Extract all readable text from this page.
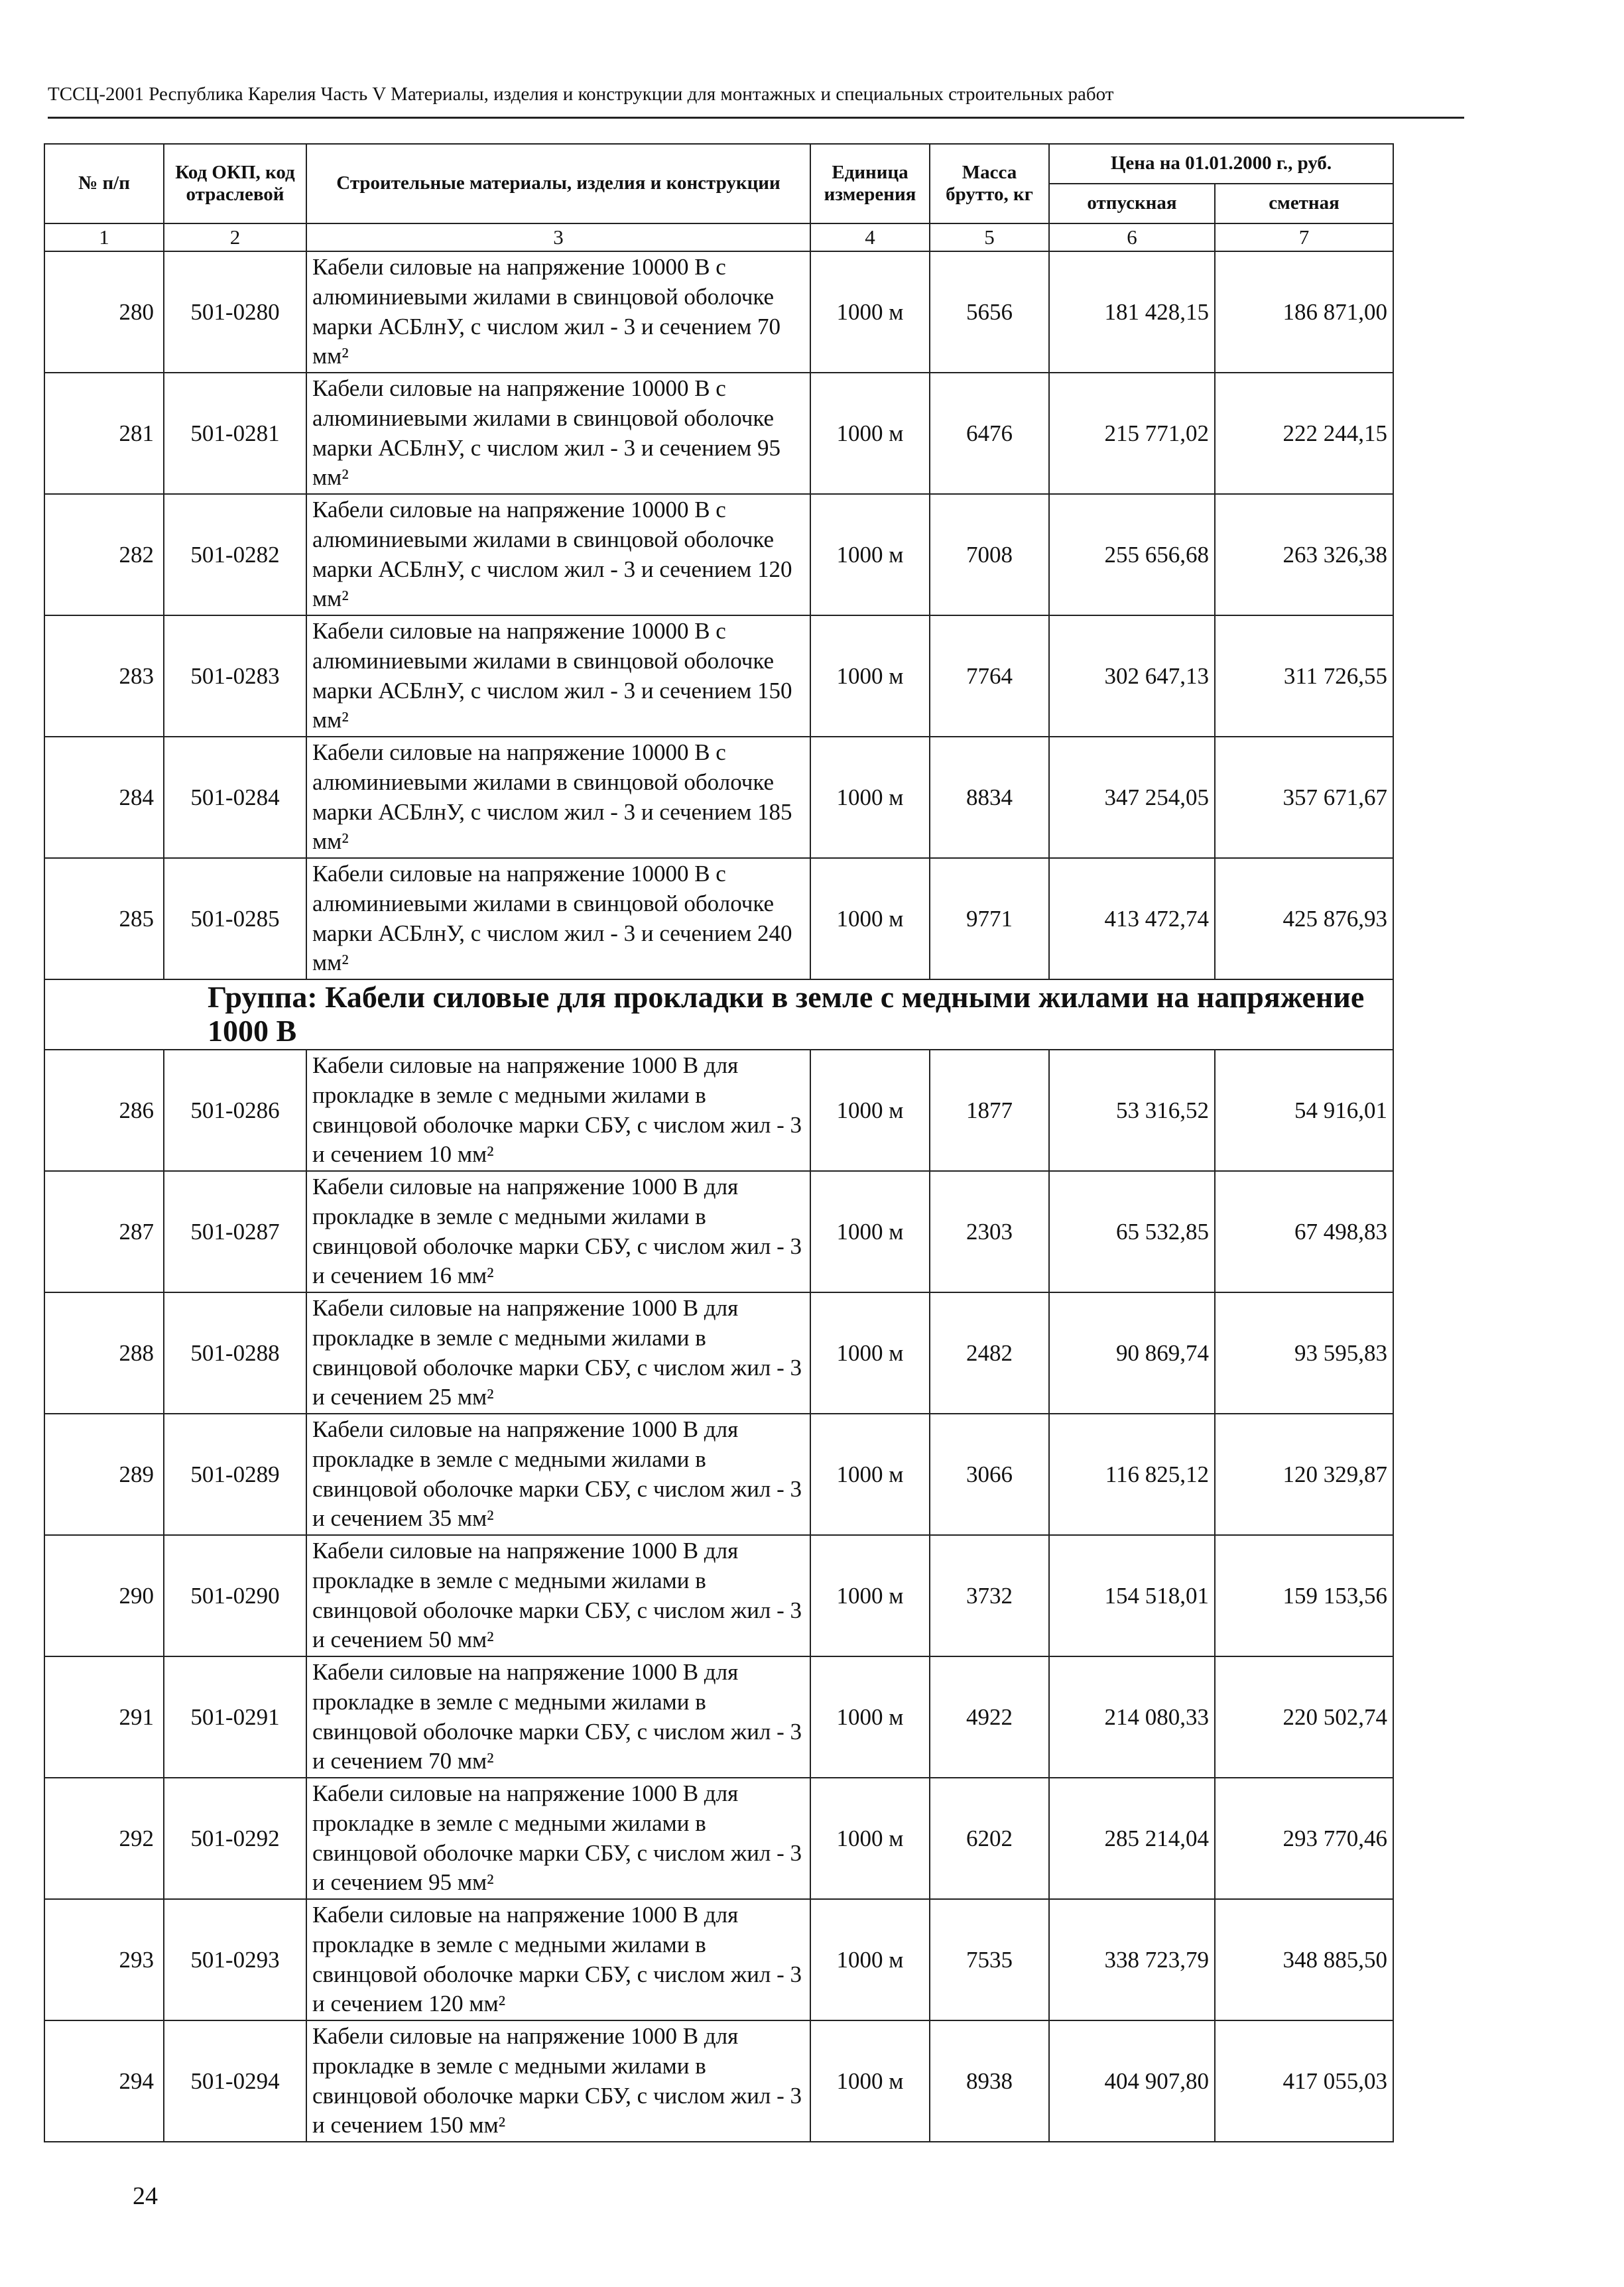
ТССЦ-2001 Республика Карелия Часть V Материалы, изделия и конструкции для монтажных и специальных строительных работ
№ п/п	Код ОКП, код отраслевой	Строительные материалы, изделия и конструкции	Единица измерения	Масса брутто, кг	Цена на 01.01.2000 г., руб.	
					отпускная	сметная
1	2	3	4	5	6	7
280	501-0280	Кабели силовые на напряжение 10000 В с алюминиевыми жилами в свинцовой оболочке марки АСБлнУ, с числом жил - 3 и сечением 70 мм²	1000 м	5656	181 428,15	186 871,00
281	501-0281	Кабели силовые на напряжение 10000 В с алюминиевыми жилами в свинцовой оболочке марки АСБлнУ, с числом жил - 3 и сечением 95 мм²	1000 м	6476	215 771,02	222 244,15
282	501-0282	Кабели силовые на напряжение 10000 В с алюминиевыми жилами в свинцовой оболочке марки АСБлнУ, с числом жил - 3 и сечением 120 мм²	1000 м	7008	255 656,68	263 326,38
283	501-0283	Кабели силовые на напряжение 10000 В с алюминиевыми жилами в свинцовой оболочке марки АСБлнУ, с числом жил - 3 и сечением 150 мм²	1000 м	7764	302 647,13	311 726,55
284	501-0284	Кабели силовые на напряжение 10000 В с алюминиевыми жилами в свинцовой оболочке марки АСБлнУ, с числом жил - 3 и сечением 185 мм²	1000 м	8834	347 254,05	357 671,67
285	501-0285	Кабели силовые на напряжение 10000 В с алюминиевыми жилами в свинцовой оболочке марки АСБлнУ, с числом жил - 3 и сечением 240 мм²	1000 м	9771	413 472,74	425 876,93
Группа: Кабели силовые для прокладки в земле с медными жилами на напряжение 1000 В						
286	501-0286	Кабели силовые на напряжение 1000 В для прокладке в земле с медными жилами в свинцовой оболочке марки СБУ, с числом жил - 3 и сечением 10 мм²	1000 м	1877	53 316,52	54 916,01
287	501-0287	Кабели силовые на напряжение 1000 В для прокладке в земле с медными жилами в свинцовой оболочке марки СБУ, с числом жил - 3 и сечением 16 мм²	1000 м	2303	65 532,85	67 498,83
288	501-0288	Кабели силовые на напряжение 1000 В для прокладке в земле с медными жилами в свинцовой оболочке марки СБУ, с числом жил - 3 и сечением 25 мм²	1000 м	2482	90 869,74	93 595,83
289	501-0289	Кабели силовые на напряжение 1000 В для прокладке в земле с медными жилами в свинцовой оболочке марки СБУ, с числом жил - 3 и сечением 35 мм²	1000 м	3066	116 825,12	120 329,87
290	501-0290	Кабели силовые на напряжение 1000 В для прокладке в земле с медными жилами в свинцовой оболочке марки СБУ, с числом жил - 3 и сечением 50 мм²	1000 м	3732	154 518,01	159 153,56
291	501-0291	Кабели силовые на напряжение 1000 В для прокладке в земле с медными жилами в свинцовой оболочке марки СБУ, с числом жил - 3 и сечением 70 мм²	1000 м	4922	214 080,33	220 502,74
292	501-0292	Кабели силовые на напряжение 1000 В для прокладке в земле с медными жилами в свинцовой оболочке марки СБУ, с числом жил - 3 и сечением 95 мм²	1000 м	6202	285 214,04	293 770,46
293	501-0293	Кабели силовые на напряжение 1000 В для прокладке в земле с медными жилами в свинцовой оболочке марки СБУ, с числом жил - 3 и сечением 120 мм²	1000 м	7535	338 723,79	348 885,50
294	501-0294	Кабели силовые на напряжение 1000 В для прокладке в земле с медными жилами в свинцовой оболочке марки СБУ, с числом жил - 3 и сечением 150 мм²	1000 м	8938	404 907,80	417 055,03
24
